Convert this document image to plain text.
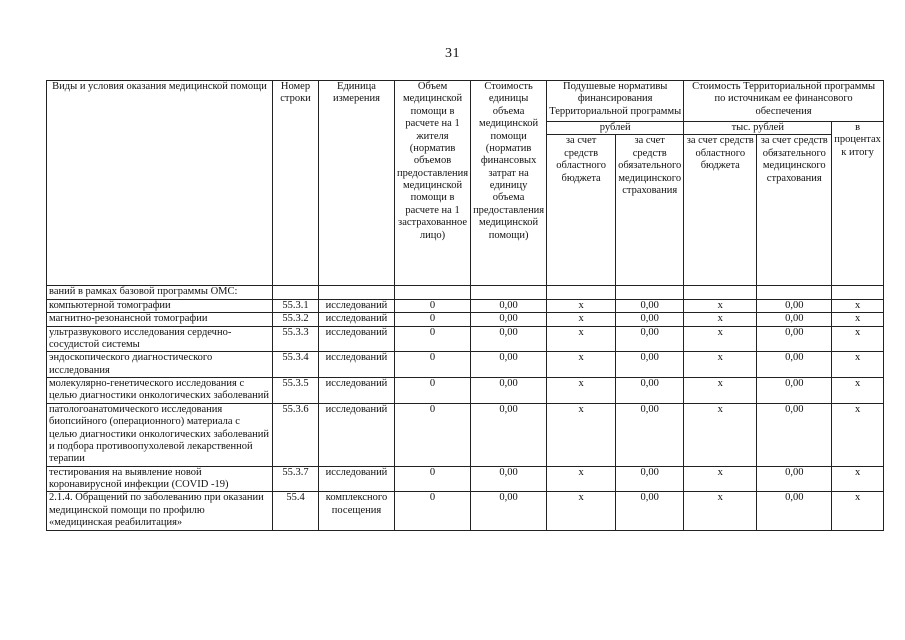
31
Виды и условия оказания медицинской помощи	Номер строки	Единица измерения	Объем медицинской помощи в расчете на 1 жителя (норматив объемов предоставления медицинской помощи в расчете на 1 застрахованное лицо)	Стоимость единицы объема медицинской помощи (норматив финансовых затрат на единицу объема предоставления медицинской помощи)	Подушевые нормативы финансирования Территориальной программы		Стоимость Территориальной программы по источникам ее финансового обеспечения		
					рублей		тыс. рублей		в процентах к итогу
					за счет средств областного бюджета	за счет средств обязательного медицинского страхования	за счет средств областного бюджета	за счет средств обязательного медицинского страхования	
ваний в рамках базовой программы ОМС:									
компьютерной томографии	55.3.1	исследований	0	0,00	х	0,00	х	0,00	х
магнитно-резонансной томографии	55.3.2	исследований	0	0,00	х	0,00	х	0,00	х
ультразвукового исследования сердечно-сосудистой системы	55.3.3	исследований	0	0,00	х	0,00	х	0,00	х
эндоскопического диагностического исследования	55.3.4	исследований	0	0,00	х	0,00	х	0,00	х
молекулярно-генетического исследования с целью диагностики онкологических заболеваний	55.3.5	исследований	0	0,00	х	0,00	х	0,00	х
патологоанатомического исследования биопсийного (операционного) материала с целью диагностики онкологических заболеваний и подбора противоопухолевой лекарственной терапии	55.3.6	исследований	0	0,00	х	0,00	х	0,00	х
тестирования на выявление новой коронавирусной инфекции (COVID -19)	55.3.7	исследований	0	0,00	х	0,00	х	0,00	х
2.1.4. Обращений по заболеванию при оказании медицинской помощи по профилю «медицинская реабилитация»	55.4	комплексного посещения	0	0,00	х	0,00	х	0,00	х
